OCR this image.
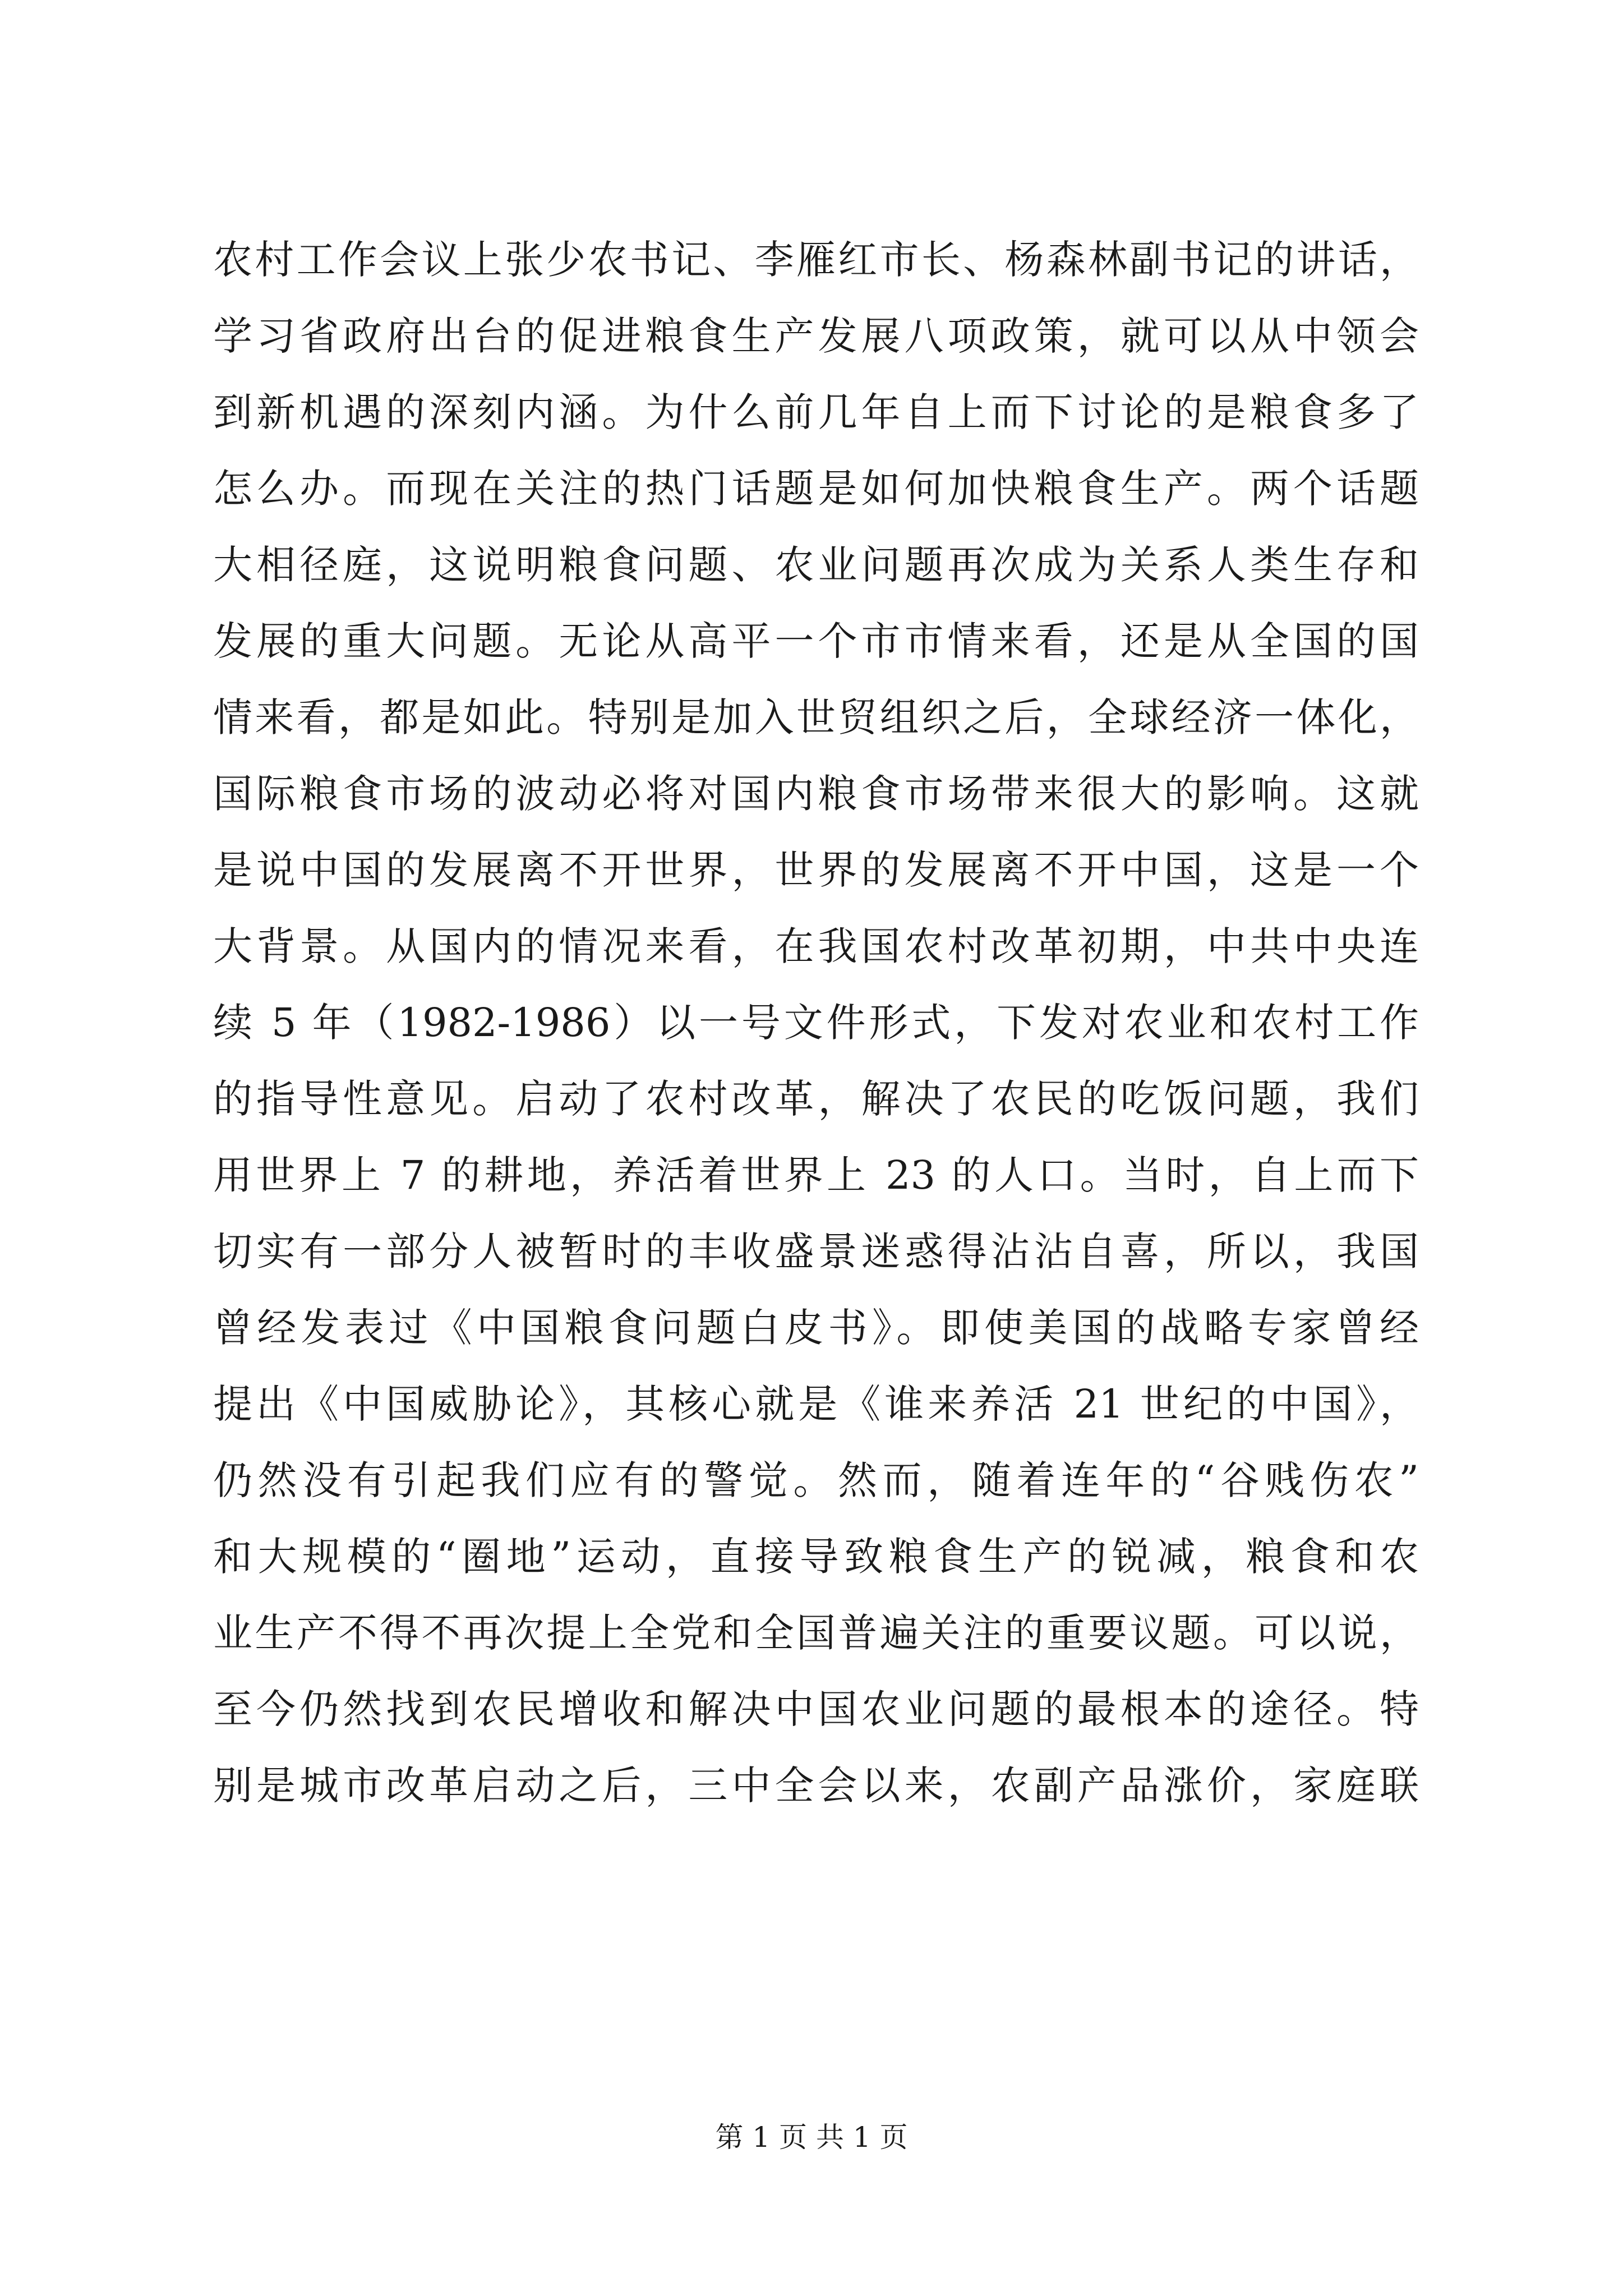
农村工作会议上张少农书记、李雁红市长、杨森林副书记的讲话，
学习省政府出台的促进粮食生产发展八项政策，就可以从中领会
到新机遇的深刻内涵。为什么前几年自上而下讨论的是粮食多了
怎么办。而现在关注的热门话题是如何加快粮食生产。两个话题
大相径庭，这说明粮食问题、农业问题再次成为关系人类生存和
发展的重大问题。无论从高平一个市市情来看，还是从全国的国
情来看，都是如此。特别是加入世贸组织之后，全球经济一体化，
国际粮食市场的波动必将对国内粮食市场带来很大的影响。这就
是说中国的发展离不开世界，世界的发展离不开中国，这是一个
大背景。从国内的情况来看，在我国农村改革初期，中共中央连
续 5 年（1982-1986）以一号文件形式，下发对农业和农村工作
的指导性意见。启动了农村改革，解决了农民的吃饭问题，我们
用世界上 7 的耕地，养活着世界上 23 的人口。当时，自上而下
切实有一部分人被暂时的丰收盛景迷惑得沾沾自喜，所以，我国
曾经发表过《中国粮食问题白皮书》。即使美国的战略专家曾经
提出《中国威胁论》，其核心就是《谁来养活 21 世纪的中国》，
仍然没有引起我们应有的警觉。然而，随着连年的“谷贱伤农”
和大规模的“圈地”运动，直接导致粮食生产的锐减，粮食和农
业生产不得不再次提上全党和全国普遍关注的重要议题。可以说，
至今仍然找到农民增收和解决中国农业问题的最根本的途径。特
别是城市改革启动之后，三中全会以来，农副产品涨价，家庭联
第 1 页 共 1 页
